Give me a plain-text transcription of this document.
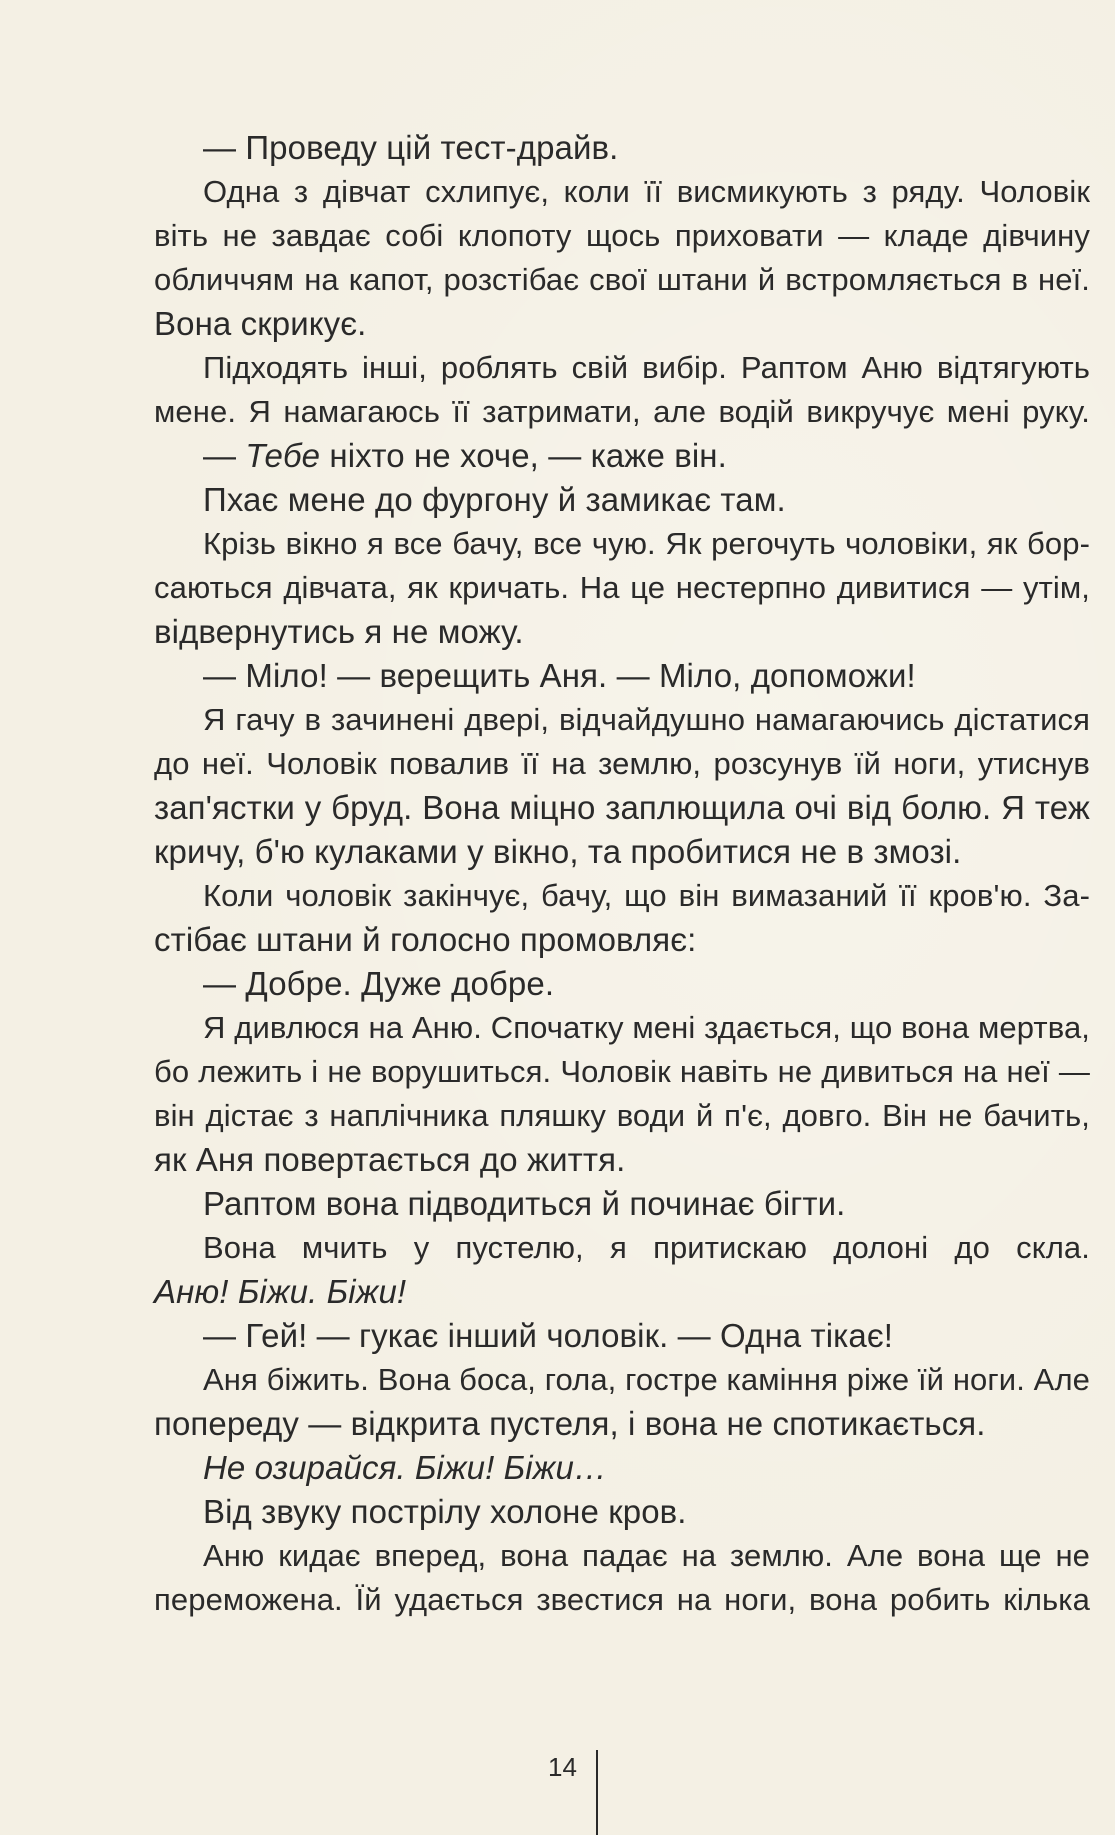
— Проведу цій тест-драйв.
Одна з дівчат схлипує, коли її висмикують з ряду. Чоловік
віть не завдає собі клопоту щось приховати — кладе дівчину
обличчям на капот, розстібає свої штани й встромляється в неї.
Вона скрикує.
Підходять інші, роблять свій вибір. Раптом Аню відтягують
мене. Я намагаюсь її затримати, але водій викручує мені руку.
— Тебе ніхто не хоче, — каже він.
Пхає мене до фургону й замикає там.
Крізь вікно я все бачу, все чую. Як регочуть чоловіки, як бор-
саються дівчата, як кричать. На це нестерпно дивитися — утім,
відвернутись я не можу.
— Міло! — верещить Аня. — Міло, допоможи!
Я гачу в зачинені двері, відчайдушно намагаючись дістатися
до неї. Чоловік повалив її на землю, розсунув їй ноги, утиснув
зап'ястки у бруд. Вона міцно заплющила очі від болю. Я теж
кричу, б'ю кулаками у вікно, та пробитися не в змозі.
Коли чоловік закінчує, бачу, що він вимазаний її кров'ю. За-
стібає штани й голосно промовляє:
— Добре. Дуже добре.
Я дивлюся на Аню. Спочатку мені здається, що вона мертва,
бо лежить і не ворушиться. Чоловік навіть не дивиться на неї —
він дістає з наплічника пляшку води й п'є, довго. Він не бачить,
як Аня повертається до життя.
Раптом вона підводиться й починає бігти.
Вона мчить у пустелю, я притискаю долоні до скла.
Аню! Біжи. Біжи!
— Гей! — гукає інший чоловік. — Одна тікає!
Аня біжить. Вона боса, гола, гостре каміння ріже їй ноги. Але
попереду — відкрита пустеля, і вона не спотикається.
Не озирайся. Біжи! Біжи…
Від звуку пострілу холоне кров.
Аню кидає вперед, вона падає на землю. Але вона ще не
переможена. Їй удається звестися на ноги, вона робить кілька
14
